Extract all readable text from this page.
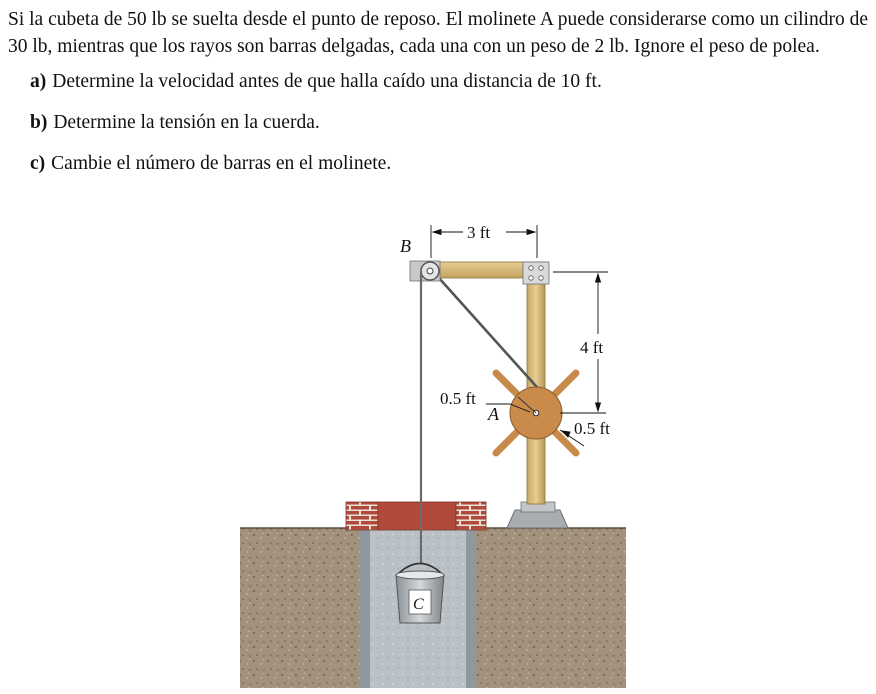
Si la cubeta de 50 lb se suelta desde el punto de reposo. El molinete A puede considerarse como un cilindro de 30 lb, mientras que los rayos son barras delgadas, cada una con un peso de 2 lb. Ignore el peso de polea.
a) Determine la velocidad antes de que halla caído una distancia de 10 ft.
b) Determine la tensión en la cuerda.
c) Cambie el número de barras en el molinete.
3 ft
4 ft
0.5 ft
0.5 ft
B
A
C
